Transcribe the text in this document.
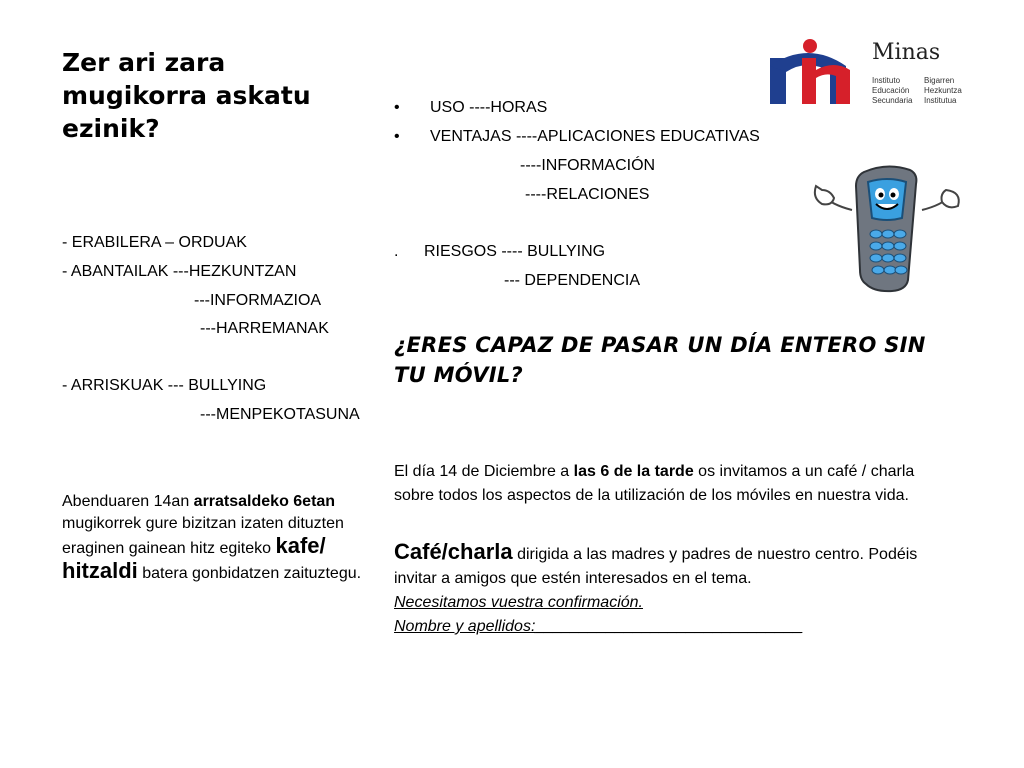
Zer ari zara
mugikorra askatu
ezinik?
- ERABILERA – ORDUAK
- ABANTAILAK ---HEZKUNTZAN
---INFORMAZIOA
---HARREMANAK
- ARRISKUAK --- BULLYING
---MENPEKOTASUNA
Abenduaren 14an arratsaldeko 6etan mugikorrek gure bizitzan izaten dituzten eraginen gainean hitz egiteko kafe/ hitzaldi batera gonbidatzen zaituztegu.
• USO ----HORAS
• VENTAJAS ----APLICACIONES EDUCATIVAS
----INFORMACIÓN
----RELACIONES
. RIESGOS ---- BULLYING
--- DEPENDENCIA
¿ERES CAPAZ DE PASAR UN DÍA ENTERO SIN TU MÓVIL?
El día 14 de Diciembre a las 6 de la tarde os invitamos a un café / charla sobre todos los aspectos de la utilización de los móviles en nuestra vida.
Café/charla dirigida a las madres y padres de nuestro centro. Podéis invitar a amigos que estén interesados en el tema.
Necesitamos vuestra confirmación.
Nombre y apellidos:______________________________
Minas
Instituto
Educación
Secundaria
Bigarren
Hezkuntza
Institutua
